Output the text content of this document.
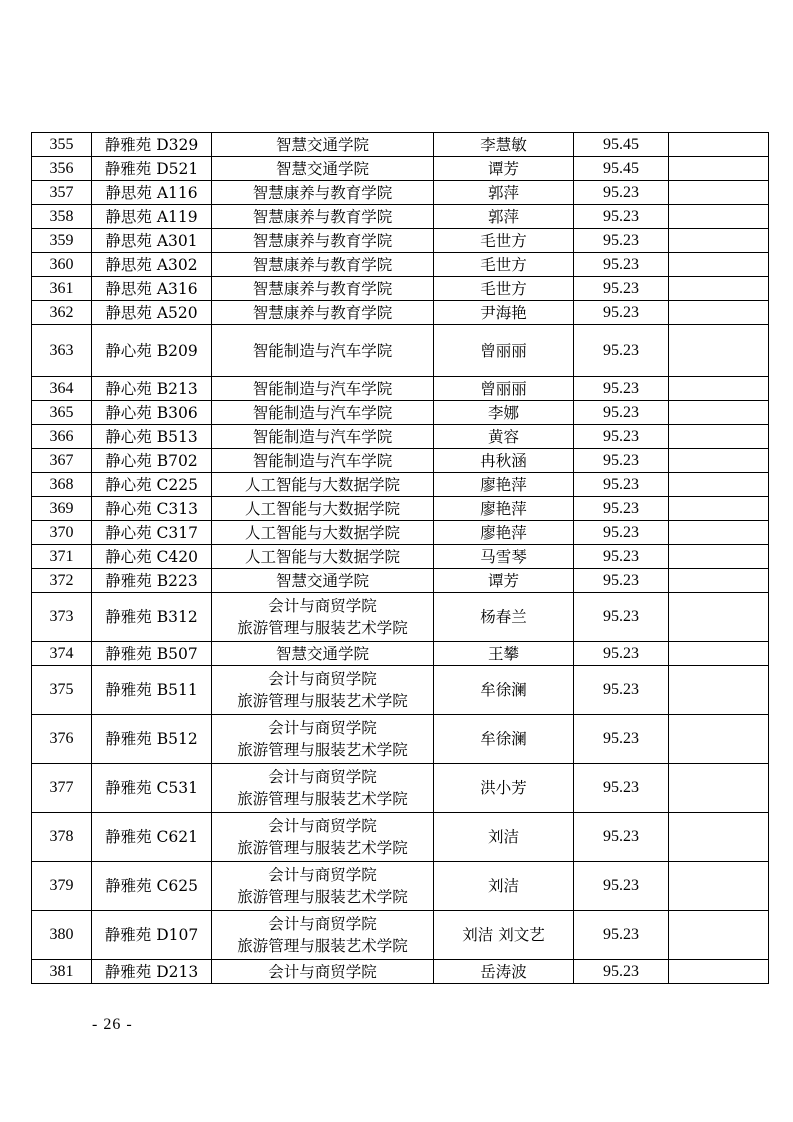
355	静雅苑 D329	智慧交通学院	李慧敏	95.45	
356	静雅苑 D521	智慧交通学院	谭芳	95.45	
357	静思苑 A116	智慧康养与教育学院	郭萍	95.23	
358	静思苑 A119	智慧康养与教育学院	郭萍	95.23	
359	静思苑 A301	智慧康养与教育学院	毛世方	95.23	
360	静思苑 A302	智慧康养与教育学院	毛世方	95.23	
361	静思苑 A316	智慧康养与教育学院	毛世方	95.23	
362	静思苑 A520	智慧康养与教育学院	尹海艳	95.23	
363	静心苑 B209	智能制造与汽车学院	曾丽丽	95.23	
364	静心苑 B213	智能制造与汽车学院	曾丽丽	95.23	
365	静心苑 B306	智能制造与汽车学院	李娜	95.23	
366	静心苑 B513	智能制造与汽车学院	黄容	95.23	
367	静心苑 B702	智能制造与汽车学院	冉秋涵	95.23	
368	静心苑 C225	人工智能与大数据学院	廖艳萍	95.23	
369	静心苑 C313	人工智能与大数据学院	廖艳萍	95.23	
370	静心苑 C317	人工智能与大数据学院	廖艳萍	95.23	
371	静心苑 C420	人工智能与大数据学院	马雪琴	95.23	
372	静雅苑 B223	智慧交通学院	谭芳	95.23	
373	静雅苑 B312	会计与商贸学院
旅游管理与服装艺术学院	杨春兰	95.23	
374	静雅苑 B507	智慧交通学院	王攀	95.23	
375	静雅苑 B511	会计与商贸学院
旅游管理与服装艺术学院	牟徐澜	95.23	
376	静雅苑 B512	会计与商贸学院
旅游管理与服装艺术学院	牟徐澜	95.23	
377	静雅苑 C531	会计与商贸学院
旅游管理与服装艺术学院	洪小芳	95.23	
378	静雅苑 C621	会计与商贸学院
旅游管理与服装艺术学院	刘洁	95.23	
379	静雅苑 C625	会计与商贸学院
旅游管理与服装艺术学院	刘洁	95.23	
380	静雅苑 D107	会计与商贸学院
旅游管理与服装艺术学院	刘洁 刘文艺	95.23	
381	静雅苑 D213	会计与商贸学院	岳涛波	95.23	
- 26 -
